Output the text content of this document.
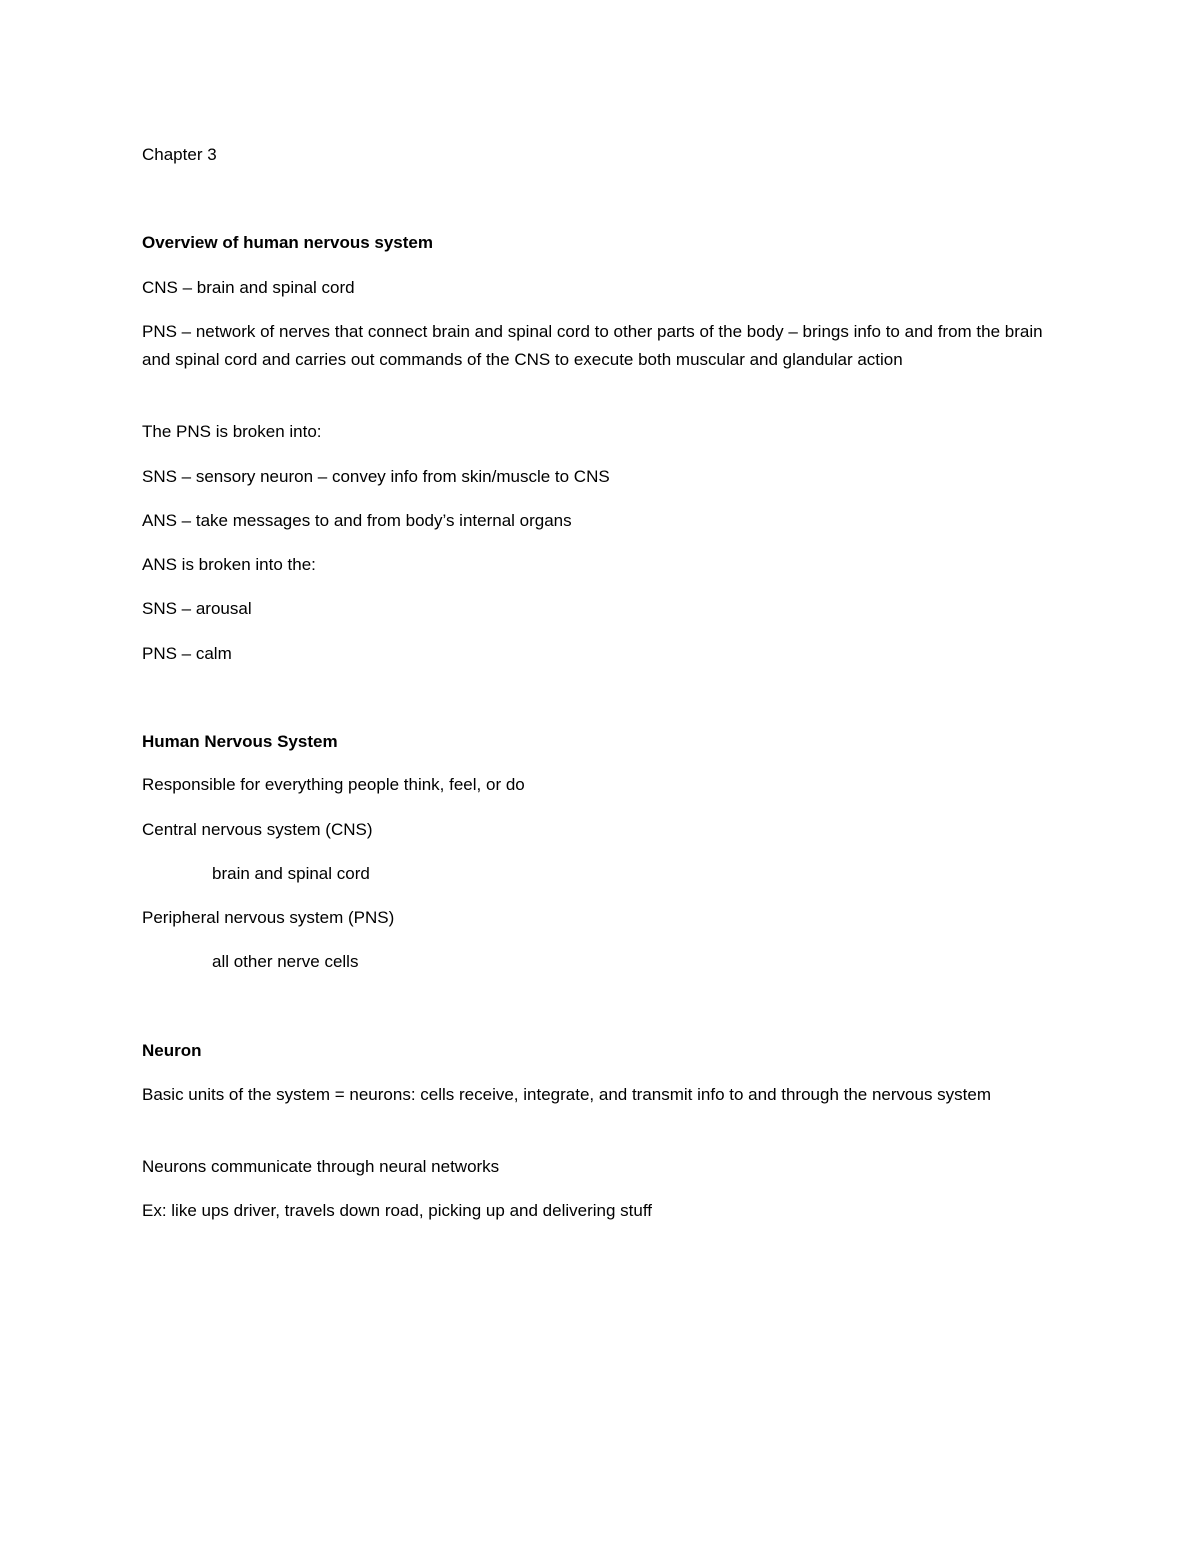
Chapter 3

Overview of human nervous system

CNS – brain and spinal cord

PNS – network of nerves that connect brain and spinal cord to other parts of the body – brings info to and from the brain and spinal cord and carries out commands of the CNS to execute both muscular and glandular action

The PNS is broken into:

SNS – sensory neuron – convey info from skin/muscle to CNS

ANS – take messages to and from body’s internal organs

ANS is broken into the:

SNS – arousal

PNS – calm

Human Nervous System

Responsible for everything people think, feel, or do

Central nervous system (CNS)

brain and spinal cord

Peripheral nervous system (PNS)

all other nerve cells

Neuron

Basic units of the system = neurons: cells receive, integrate, and transmit info to and through the nervous system

Neurons communicate through neural networks

Ex: like ups driver, travels down road, picking up and delivering stuff
